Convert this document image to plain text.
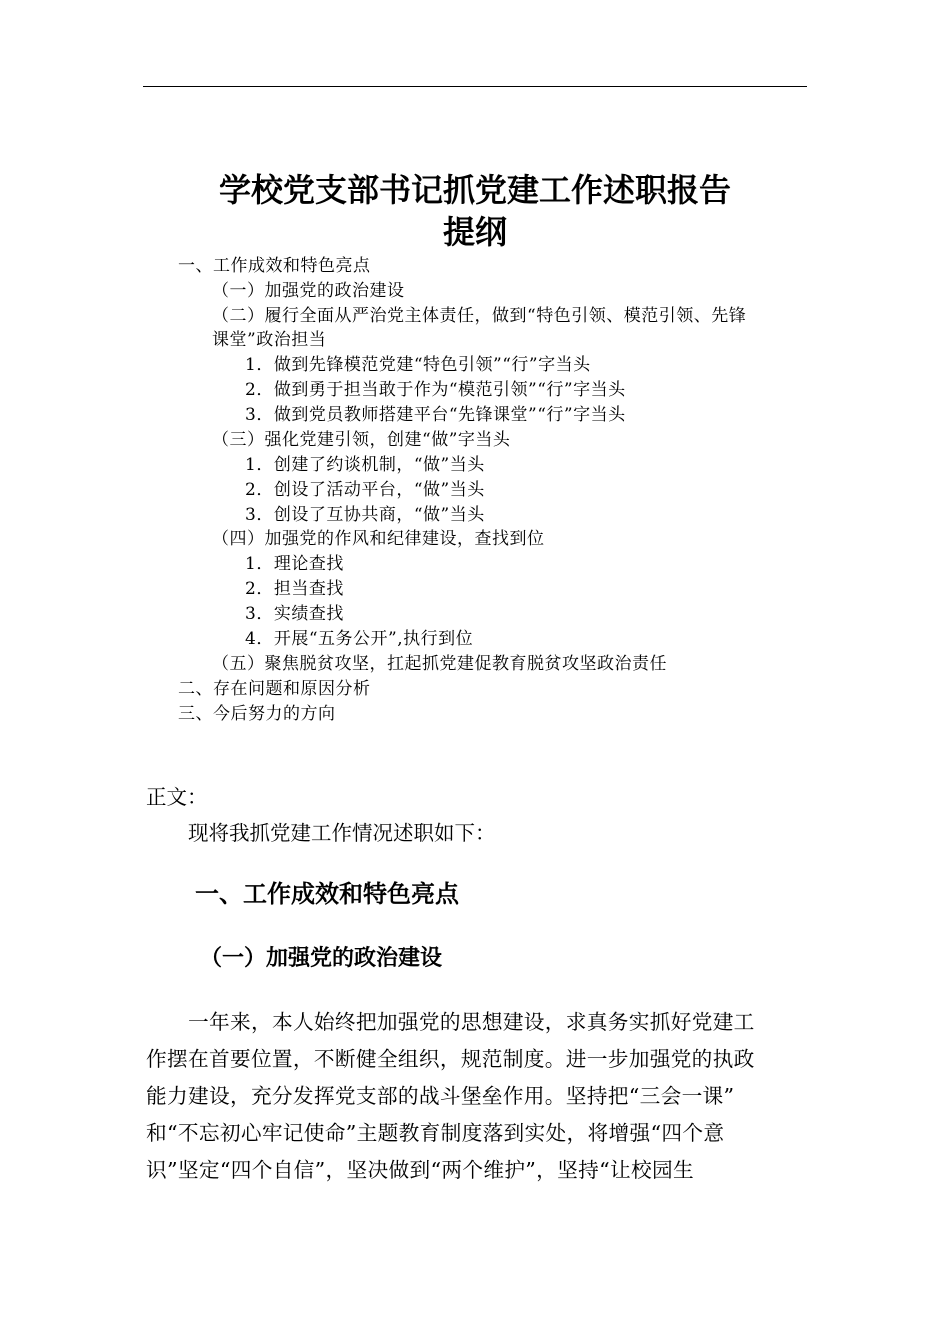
学校党支部书记抓党建工作述职报告
提纲
一、工作成效和特色亮点
（一）加强党的政治建设
（二）履行全面从严治党主体责任，做到“特色引领、模范引领、先锋
课堂”政治担当
1．做到先锋模范党建“特色引领”“行”字当头
2．做到勇于担当敢于作为“模范引领”“行”字当头
3．做到党员教师搭建平台“先锋课堂”“行”字当头
（三）强化党建引领，创建“做”字当头
1．创建了约谈机制，“做”当头
2．创设了活动平台，“做”当头
3．创设了互协共商，“做”当头
（四）加强党的作风和纪律建设，查找到位
1．理论查找
2．担当查找
3．实绩查找
4．开展“五务公开”,执行到位
（五）聚焦脱贫攻坚，扛起抓党建促教育脱贫攻坚政治责任
二、存在问题和原因分析
三、今后努力的方向
正文：
现将我抓党建工作情况述职如下：
一、工作成效和特色亮点
（一）加强党的政治建设
一年来，本人始终把加强党的思想建设，求真务实抓好党建工
作摆在首要位置，不断健全组织，规范制度。进一步加强党的执政
能力建设，充分发挥党支部的战斗堡垒作用。坚持把“三会一课”
和“不忘初心牢记使命”主题教育制度落到实处，将增强“四个意
识”坚定“四个自信”，坚决做到“两个维护”，坚持“让校园生
